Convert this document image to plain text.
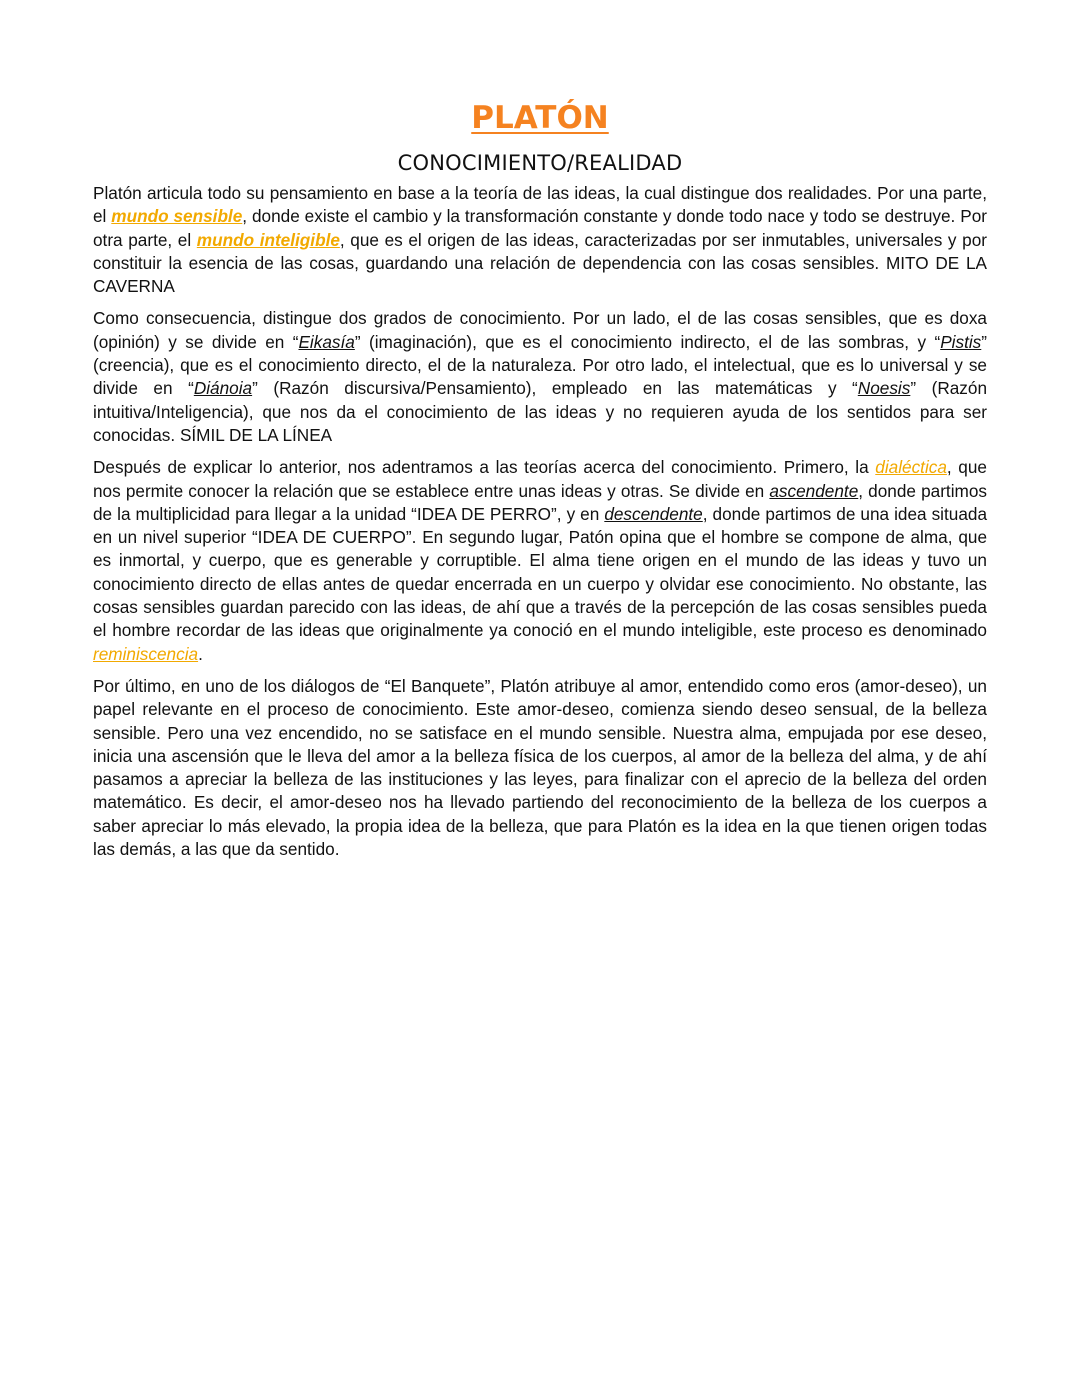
PLATÓN
CONOCIMIENTO/REALIDAD

Platón articula todo su pensamiento en base a la teoría de las ideas, la cual distingue dos realidades. Por una parte, el mundo sensible, donde existe el cambio y la transformación constante y donde todo nace y todo se destruye. Por otra parte, el mundo inteligible, que es el origen de las ideas, caracterizadas por ser inmutables, universales y por constituir la esencia de las cosas, guardando una relación de dependencia con las cosas sensibles. MITO DE LA CAVERNA

Como consecuencia, distingue dos grados de conocimiento. Por un lado, el de las cosas sensibles, que es doxa (opinión) y se divide en “Eikasía” (imaginación), que es el conocimiento indirecto, el de las sombras, y “Pistis” (creencia), que es el conocimiento directo, el de la naturaleza. Por otro lado, el intelectual, que es lo universal y se divide en “Diánoia” (Razón discursiva/Pensamiento), empleado en las matemáticas y “Noesis” (Razón intuitiva/Inteligencia), que nos da el conocimiento de las ideas y no requieren ayuda de los sentidos para ser conocidas. SÍMIL DE LA LÍNEA

Después de explicar lo anterior, nos adentramos a las teorías acerca del conocimiento. Primero, la dialéctica, que nos permite conocer la relación que se establece entre unas ideas y otras. Se divide en ascendente, donde partimos de la multiplicidad para llegar a la unidad “IDEA DE PERRO”, y en descendente, donde partimos de una idea situada en un nivel superior “IDEA DE CUERPO”. En segundo lugar, Patón opina que el hombre se compone de alma, que es inmortal, y cuerpo, que es generable y corruptible. El alma tiene origen en el mundo de las ideas y tuvo un conocimiento directo de ellas antes de quedar encerrada en un cuerpo y olvidar ese conocimiento. No obstante, las cosas sensibles guardan parecido con las ideas, de ahí que a través de la percepción de las cosas sensibles pueda el hombre recordar de las ideas que originalmente ya conoció en el mundo inteligible, este proceso es denominado reminiscencia.

Por último, en uno de los diálogos de “El Banquete”, Platón atribuye al amor, entendido como eros (amor-deseo), un papel relevante en el proceso de conocimiento. Este amor-deseo, comienza siendo deseo sensual, de la belleza sensible. Pero una vez encendido, no se satisface en el mundo sensible. Nuestra alma, empujada por ese deseo, inicia una ascensión que le lleva del amor a la belleza física de los cuerpos, al amor de la belleza del alma, y de ahí pasamos a apreciar la belleza de las instituciones y las leyes, para finalizar con el aprecio de la belleza del orden matemático. Es decir, el amor-deseo nos ha llevado partiendo del reconocimiento de la belleza de los cuerpos a saber apreciar lo más elevado, la propia idea de la belleza, que para Platón es la idea en la que tienen origen todas las demás, a las que da sentido.
